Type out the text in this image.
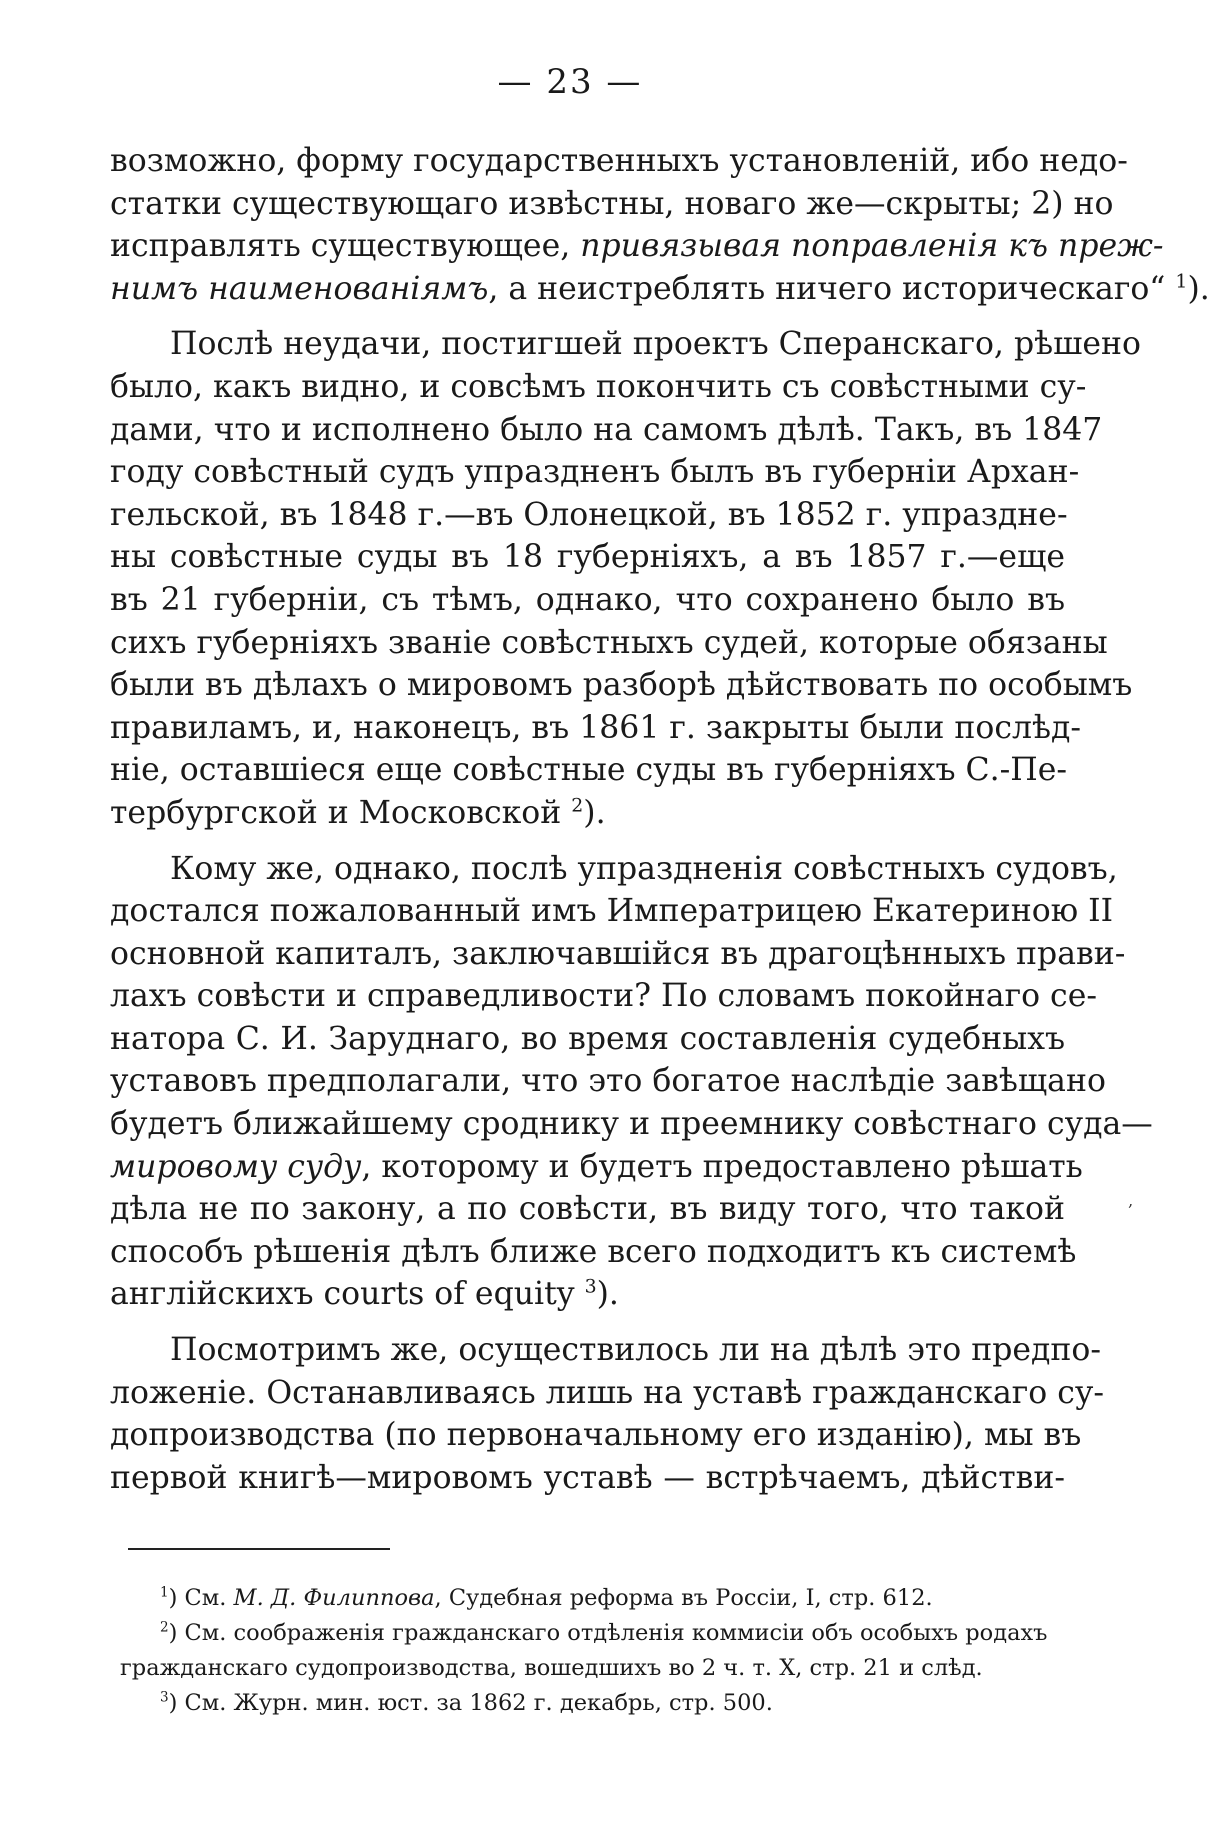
— 23 —
возможно, форму государственныхъ установленій, ибо недо-
статки существующаго извѣстны, новаго же—скрыты; 2) но
исправлять существующее, привязывая поправленія къ преж-
нимъ наименованіямъ, а неистреблять ничего историческаго“ $^1$).
Послѣ неудачи, постигшей проектъ Сперанскаго, рѣшено
было, какъ видно, и совсѣмъ покончить съ совѣстными су-
дами, что и исполнено было на самомъ дѣлѣ. Такъ, въ 1847
году совѣстный судъ упраздненъ былъ въ губерніи Архан-
гельской, въ 1848 г.—въ Олонецкой, въ 1852 г. упраздне-
ны совѣстные суды въ 18 губерніяхъ, а въ 1857 г.—еще
въ 21 губерніи, съ тѣмъ, однако, что сохранено было въ
сихъ губерніяхъ званіе совѣстныхъ судей, которые обязаны
были въ дѣлахъ о мировомъ разборѣ дѣйствовать по особымъ
правиламъ, и, наконецъ, въ 1861 г. закрыты были послѣд-
ніе, оставшіеся еще совѣстные суды въ губерніяхъ С.-Пе-
тербургской и Московской $^2$).
Кому же, однако, послѣ упраздненія совѣстныхъ судовъ,
достался пожалованный имъ Императрицею Екатериною II
основной капиталъ, заключавшійся въ драгоцѣнныхъ прави-
лахъ совѣсти и справедливости? По словамъ покойнаго се-
натора С. И. Заруднаго, во время составленія судебныхъ
уставовъ предполагали, что это богатое наслѣдіе завѣщано
будетъ ближайшему сроднику и преемнику совѣстнаго суда—
мировому суду, которому и будетъ предоставлено рѣшать
дѣла не по закону, а по совѣсти, въ виду того, что такой
способъ рѣшенія дѣлъ ближе всего подходитъ къ системѣ
англійскихъ courts of equity $^3$).
Посмотримъ же, осуществилось ли на дѣлѣ это предпо-
ложеніе. Останавливаясь лишь на уставѣ гражданскаго су-
допроизводства (по первоначальному его изданію), мы въ
первой книгѣ—мировомъ уставѣ — встрѣчаемъ, дѣйстви-
$^1$) См. М. Д. Филиппова, Судебная реформа въ Россіи, I, стр. 612.
$^2$) См. соображенія гражданскаго отдѣленія коммисіи объ особыхъ родахъ
гражданскаго судопроизводства, вошедшихъ во 2 ч. т. X, стр. 21 и слѣд.
$^3$) См. Журн. мин. юст. за 1862 г. декабрь, стр. 500.
‚
